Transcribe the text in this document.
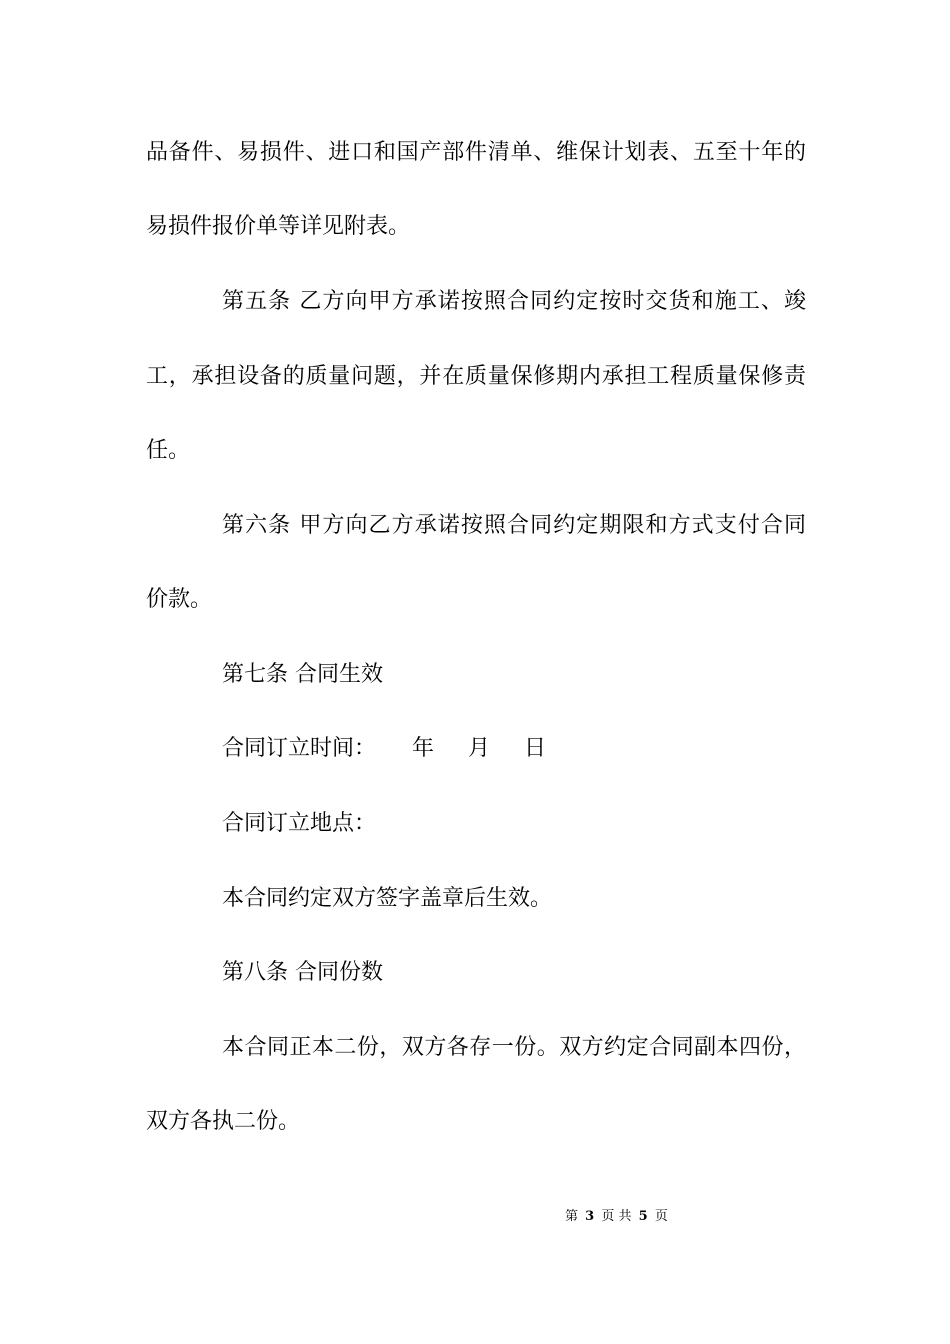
品备件、易损件、进口和国产部件清单、维保计划表、五至十年的
易损件报价单等详见附表。
第五条 乙方向甲方承诺按照合同约定按时交货和施工、竣
工，承担设备的质量问题，并在质量保修期内承担工程质量保修责
任。
第六条 甲方向乙方承诺按照合同约定期限和方式支付合同
价款。
第七条 合同生效
合同订立时间： 年 月 日
合同订立地点：
本合同约定双方签字盖章后生效。
第八条 合同份数
本合同正本二份，双方各存一份。双方约定合同副本四份，
双方各执二份。
第 3 页 共 5 页
